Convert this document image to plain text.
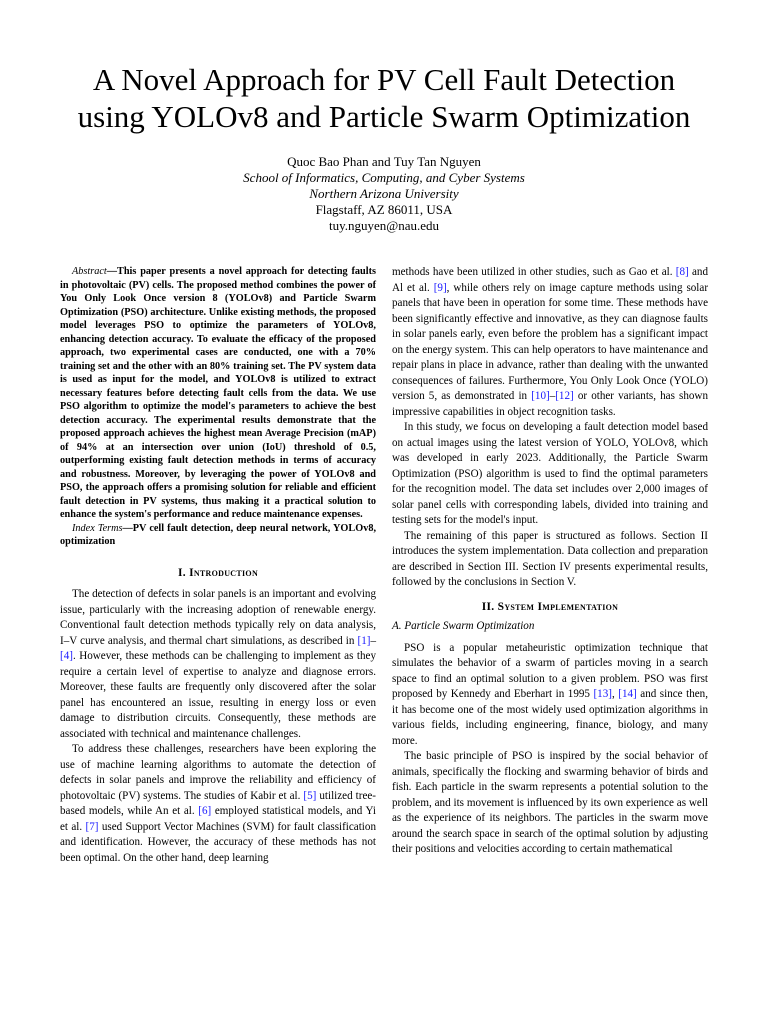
A Novel Approach for PV Cell Fault Detection
using YOLOv8 and Particle Swarm Optimization
Quoc Bao Phan and Tuy Tan Nguyen
School of Informatics, Computing, and Cyber Systems
Northern Arizona University
Flagstaff, AZ 86011, USA
tuy.nguyen@nau.edu

Abstract—This paper presents a novel approach for detecting faults in photovoltaic (PV) cells. The proposed method combines the power of You Only Look Once version 8 (YOLOv8) and Particle Swarm Optimization (PSO) architecture. Unlike existing methods, the proposed model leverages PSO to optimize the parameters of YOLOv8, enhancing detection accuracy. To evaluate the efficacy of the proposed approach, two experimental cases are conducted, one with a 70% training set and the other with an 80% training set. The PV system data is used as input for the model, and YOLOv8 is utilized to extract necessary features before detecting fault cells from the data. We use PSO algorithm to optimize the model's parameters to achieve the best detection accuracy. The experimental results demonstrate that the proposed approach achieves the highest mean Average Precision (mAP) of 94% at an intersection over union (IoU) threshold of 0.5, outperforming existing fault detection methods in terms of accuracy and robustness. Moreover, by leveraging the power of YOLOv8 and PSO, the approach offers a promising solution for reliable and efficient fault detection in PV systems, thus making it a practical solution to enhance the system's performance and reduce maintenance expenses.

Index Terms—PV cell fault detection, deep neural network, YOLOv8, optimization

I. Introduction

The detection of defects in solar panels is an important and evolving issue, particularly with the increasing adoption of renewable energy. Conventional fault detection methods typically rely on data analysis, I–V curve analysis, and thermal chart simulations, as described in [1]–[4]. However, these methods can be challenging to implement as they require a certain level of expertise to analyze and diagnose errors. Moreover, these faults are frequently only discovered after the solar panel has encountered an issue, resulting in energy loss or even damage to distribution circuits. Consequently, these methods are associated with technical and maintenance challenges.

To address these challenges, researchers have been exploring the use of machine learning algorithms to automate the detection of defects in solar panels and improve the reliability and efficiency of photovoltaic (PV) systems. The studies of Kabir et al. [5] utilized tree-based models, while An et al. [6] employed statistical models, and Yi et al. [7] used Support Vector Machines (SVM) for fault classification and identification. However, the accuracy of these methods has not been optimal. On the other hand, deep learning

methods have been utilized in other studies, such as Gao et al. [8] and Al et al. [9], while others rely on image capture methods using solar panels that have been in operation for some time. These methods have been significantly effective and innovative, as they can diagnose faults in solar panels early, even before the problem has a significant impact on the energy system. This can help operators to have maintenance and repair plans in place in advance, rather than dealing with the unwanted consequences of failures. Furthermore, You Only Look Once (YOLO) version 5, as demonstrated in [10]–[12] or other variants, has shown impressive capabilities in object recognition tasks.

In this study, we focus on developing a fault detection model based on actual images using the latest version of YOLO, YOLOv8, which was developed in early 2023. Additionally, the Particle Swarm Optimization (PSO) algorithm is used to find the optimal parameters for the recognition model. The data set includes over 2,000 images of solar panel cells with corresponding labels, divided into training and testing sets for the model's input.

The remaining of this paper is structured as follows. Section II introduces the system implementation. Data collection and preparation are described in Section III. Section IV presents experimental results, followed by the conclusions in Section V.

II. System Implementation
A. Particle Swarm Optimization

PSO is a popular metaheuristic optimization technique that simulates the behavior of a swarm of particles moving in a search space to find an optimal solution to a given problem. PSO was first proposed by Kennedy and Eberhart in 1995 [13], [14] and since then, it has become one of the most widely used optimization algorithms in various fields, including engineering, finance, biology, and many more.

The basic principle of PSO is inspired by the social behavior of animals, specifically the flocking and swarming behavior of birds and fish. Each particle in the swarm represents a potential solution to the problem, and its movement is influenced by its own experience as well as the experience of its neighbors. The particles in the swarm move around the search space in search of the optimal solution by adjusting their positions and velocities according to certain mathematical
